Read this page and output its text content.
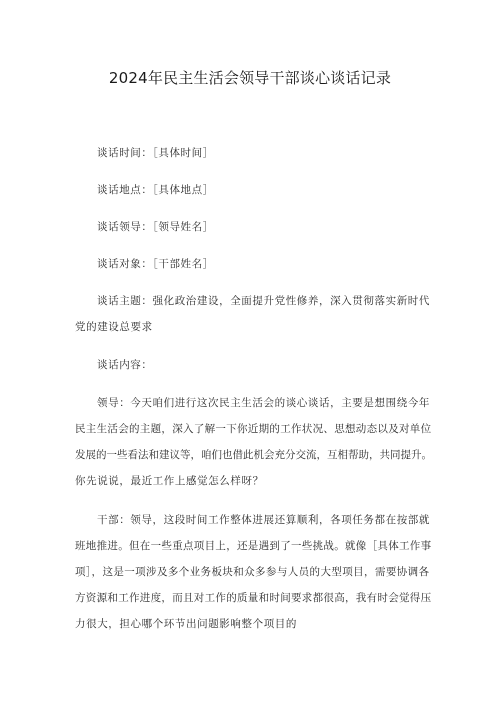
2024年民主生活会领导干部谈心谈话记录
谈话时间：［具体时间］
谈话地点：［具体地点］
谈话领导：［领导姓名］
谈话对象：［干部姓名］
谈话主题：强化政治建设，全面提升党性修养，深入贯彻落实新时代
党的建设总要求
谈话内容：
领导：今天咱们进行这次民主生活会的谈心谈话，主要是想围绕今年
民主生活会的主题，深入了解一下你近期的工作状况、思想动态以及对单位
发展的一些看法和建议等，咱们也借此机会充分交流，互相帮助，共同提升。
你先说说，最近工作上感觉怎么样呀？
干部：领导，这段时间工作整体进展还算顺利，各项任务都在按部就
班地推进。但在一些重点项目上，还是遇到了一些挑战。就像［具体工作事
项］，这是一项涉及多个业务板块和众多参与人员的大型项目，需要协调各
方资源和工作进度，而且对工作的质量和时间要求都很高，我有时会觉得压
力很大，担心哪个环节出问题影响整个项目的
